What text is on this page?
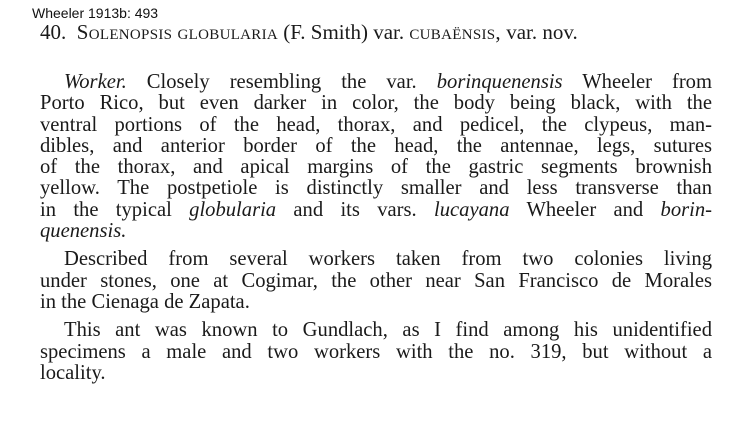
Wheeler 1913b: 493
40. Solenopsis globularia (F. Smith) var. cubaënsis, var. nov.
Worker. Closely resembling the var. borinquenensis Wheeler from
Porto Rico, but even darker in color, the body being black, with the
ventral portions of the head, thorax, and pedicel, the clypeus, man-
dibles, and anterior border of the head, the antennae, legs, sutures
of the thorax, and apical margins of the gastric segments brownish
yellow. The postpetiole is distinctly smaller and less transverse than
in the typical globularia and its vars. lucayana Wheeler and borin-
quenensis.
Described from several workers taken from two colonies living
under stones, one at Cogimar, the other near San Francisco de Morales
in the Cienaga de Zapata.
This ant was known to Gundlach, as I find among his unidentified
specimens a male and two workers with the no. 319, but without a
locality.
